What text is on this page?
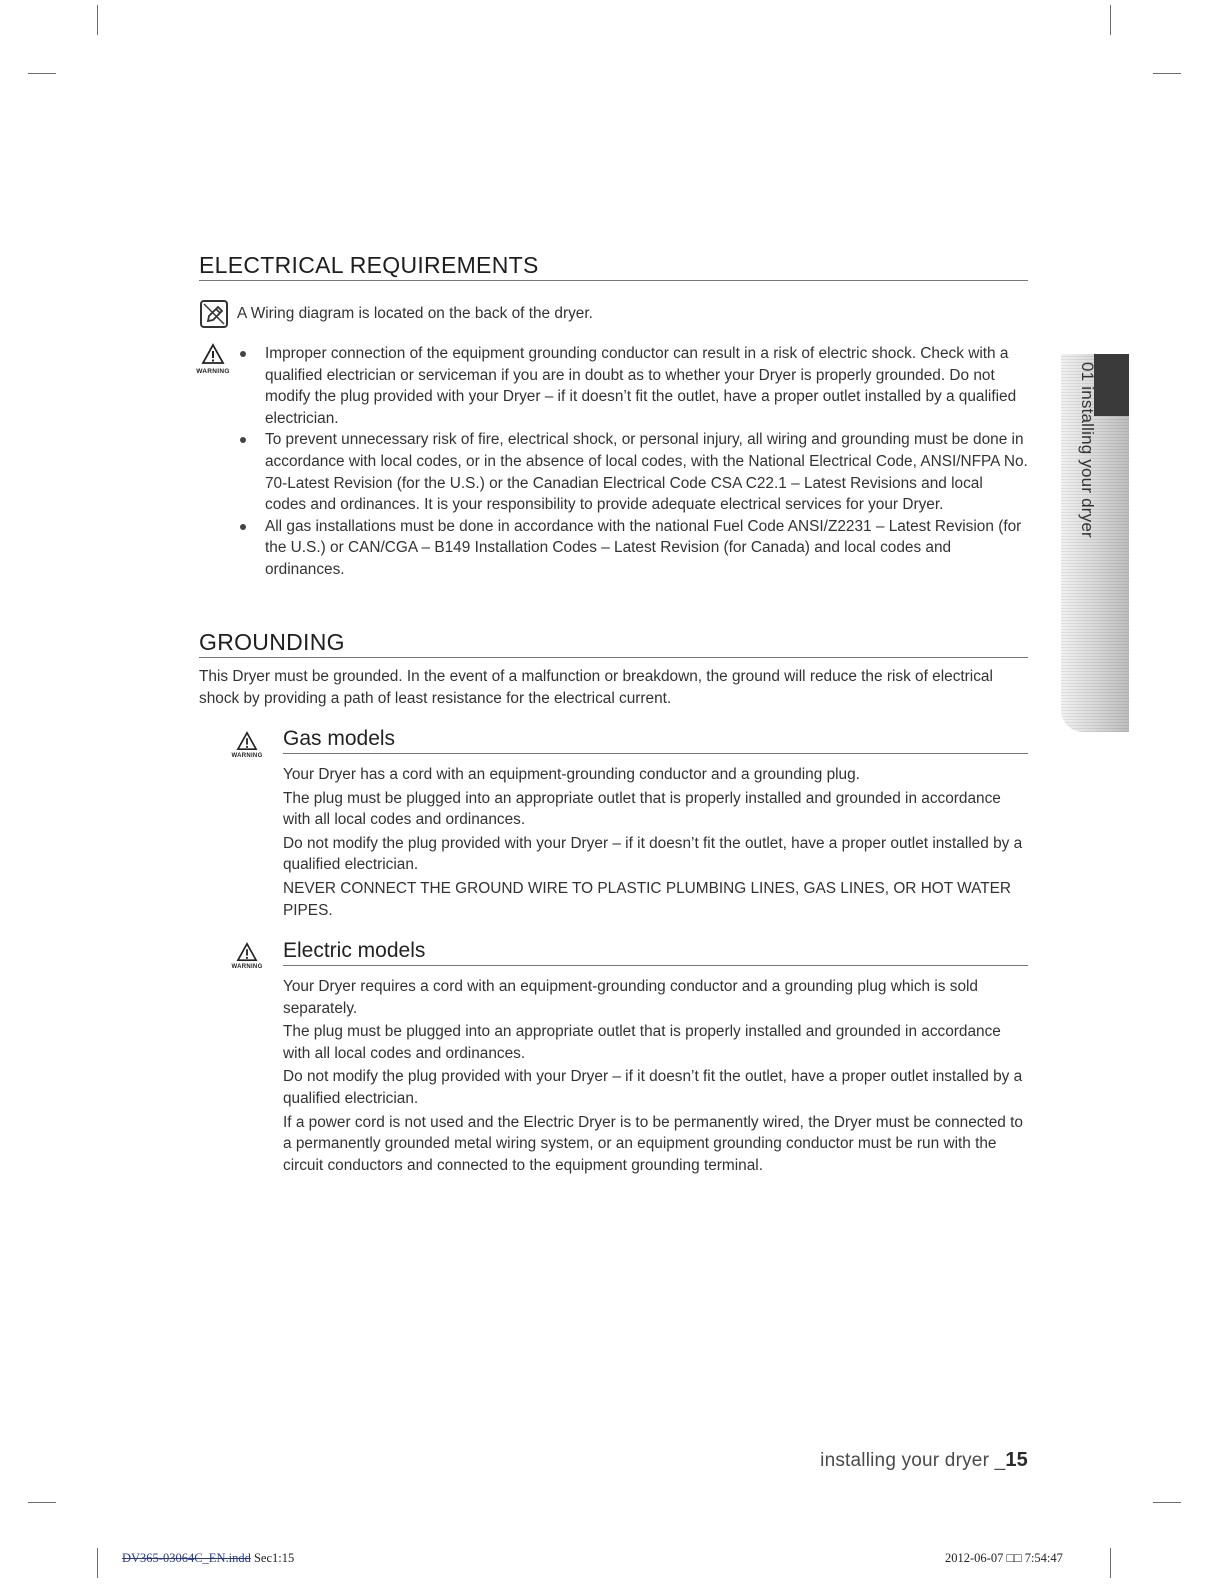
ELECTRICAL REQUIREMENTS
A Wiring diagram is located on the back of the dryer.
WARNING
Improper connection of the equipment grounding conductor can result in a risk of electric shock. Check with a qualified electrician or serviceman if you are in doubt as to whether your Dryer is properly grounded. Do not modify the plug provided with your Dryer – if it doesn’t fit the outlet, have a proper outlet installed by a qualified electrician.
To prevent unnecessary risk of fire, electrical shock, or personal injury, all wiring and grounding must be done in accordance with local codes, or in the absence of local codes, with the National Electrical Code, ANSI/NFPA No. 70-Latest Revision (for the U.S.) or the Canadian Electrical Code CSA C22.1 – Latest Revisions and local codes and ordinances. It is your responsibility to provide adequate electrical services for your Dryer.
All gas installations must be done in accordance with the national Fuel Code ANSI/Z2231 – Latest Revision (for the U.S.) or CAN/CGA – B149 Installation Codes – Latest Revision (for Canada) and local codes and ordinances.
GROUNDING
This Dryer must be grounded. In the event of a malfunction or breakdown, the ground will reduce the risk of electrical shock by providing a path of least resistance for the electrical current.
WARNING
Gas models

Your Dryer has a cord with an equipment-grounding conductor and a grounding plug.

The plug must be plugged into an appropriate outlet that is properly installed and grounded in accordance with all local codes and ordinances.

Do not modify the plug provided with your Dryer – if it doesn’t fit the outlet, have a proper outlet installed by a qualified electrician.

NEVER CONNECT THE GROUND WIRE TO PLASTIC PLUMBING LINES, GAS LINES, OR HOT WATER PIPES.

WARNING
Electric models

Your Dryer requires a cord with an equipment-grounding conductor and a grounding plug which is sold separately.

The plug must be plugged into an appropriate outlet that is properly installed and grounded in accordance with all local codes and ordinances.

Do not modify the plug provided with your Dryer – if it doesn’t fit the outlet, have a proper outlet installed by a qualified electrician.

If a power cord is not used and the Electric Dryer is to be permanently wired, the Dryer must be connected to a permanently grounded metal wiring system, or an equipment grounding conductor must be run with the circuit conductors and connected to the equipment grounding terminal.

01 installing your dryer
installing your dryer _15
DV365-03064C_EN.indd Sec1:15	2012-06-07 □□ 7:54:47
